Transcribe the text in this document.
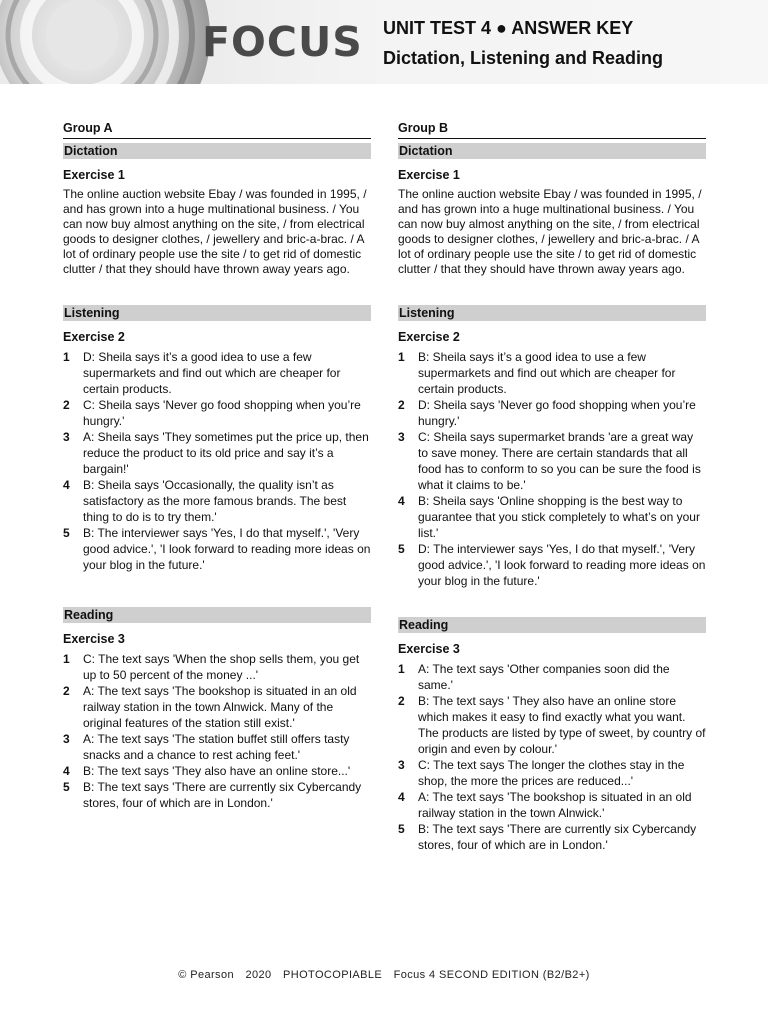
FOCUS UNIT TEST 4 ● ANSWER KEY
Dictation, Listening and Reading
Group A
Dictation
Exercise 1

The online auction website Ebay / was founded in 1995, / and has grown into a huge multinational business. / You can now buy almost anything on the site, / from electrical goods to designer clothes, / jewellery and bric-a-brac. / A lot of ordinary people use the site / to get rid of domestic clutter / that they should have thrown away years ago.

Listening
Exercise 2
1	D: Sheila says it’s a good idea to use a few supermarkets and find out which are cheaper for certain products.
2	C: Sheila says 'Never go food shopping when you’re hungry.'
3	A: Sheila says 'They sometimes put the price up, then reduce the product to its old price and say it’s a bargain!'
4	B: Sheila says 'Occasionally, the quality isn’t as satisfactory as the more famous brands. The best thing to do is to try them.'
5	B: The interviewer says 'Yes, I do that myself.', 'Very good advice.', 'I look forward to reading more ideas on your blog in the future.'
Reading
Exercise 3
1	C: The text says 'When the shop sells them, you get up to 50 percent of the money ...'
2	A: The text says 'The bookshop is situated in an old railway station in the town Alnwick. Many of the original features of the station still exist.'
3	A: The text says 'The station buffet still offers tasty snacks and a chance to rest aching feet.'
4	B: The text says 'They also have an online store...'
5	B: The text says 'There are currently six Cybercandy stores, four of which are in London.'
Group B
Dictation
Exercise 1

The online auction website Ebay / was founded in 1995, / and has grown into a huge multinational business. / You can now buy almost anything on the site, / from electrical goods to designer clothes, / jewellery and bric-a-brac. / A lot of ordinary people use the site / to get rid of domestic clutter / that they should have thrown away years ago.

Listening
Exercise 2
1	B: Sheila says it’s a good idea to use a few supermarkets and find out which are cheaper for certain products.
2	D: Sheila says 'Never go food shopping when you’re hungry.'
3	C: Sheila says supermarket brands 'are a great way to save money. There are certain standards that all food has to conform to so you can be sure the food is what it claims to be.'
4	B: Sheila says 'Online shopping is the best way to guarantee that you stick completely to what’s on your list.'
5	D: The interviewer says 'Yes, I do that myself.', 'Very good advice.', 'I look forward to reading more ideas on your blog in the future.'
Reading
Exercise 3
1	A: The text says 'Other companies soon did the same.'
2	B: The text says ' They also have an online store which makes it easy to find exactly what you want. The products are listed by type of sweet, by country of origin and even by colour.'
3	C: The text says The longer the clothes stay in the shop, the more the prices are reduced...'
4	A: The text says 'The bookshop is situated in an old railway station in the town Alnwick.'
5	B: The text says 'There are currently six Cybercandy stores, four of which are in London.'
© Pearson 2020 PHOTOCOPIABLE Focus 4 SECOND EDITION (B2/B2+)
